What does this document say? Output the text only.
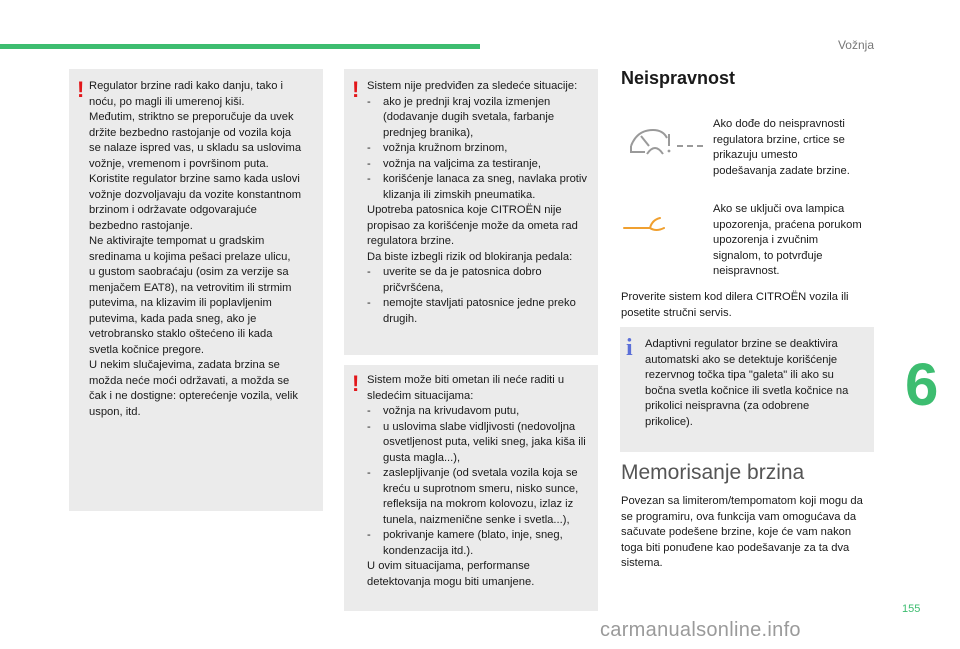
Vožnja
6
155
carmanualsonline.info
! Regulator brzine radi kako danju, tako i

noću, po magli ili umerenoj kiši.

Međutim, striktno se preporučuje da uvek

držite bezbedno rastojanje od vozila koja

se nalaze ispred vas, u skladu sa uslovima

vožnje, vremenom i površinom puta.

Koristite regulator brzine samo kada uslovi

vožnje dozvoljavaju da vozite konstantnom

brzinom i održavate odgovarajuće

bezbedno rastojanje.

Ne aktivirajte tempomat u gradskim

sredinama u kojima pešaci prelaze ulicu,

u gustom saobraćaju (osim za verzije sa

menjačem EAT8), na vetrovitim ili strmim

putevima, na klizavim ili poplavljenim

putevima, kada pada sneg, ako je

vetrobransko staklo oštećeno ili kada

svetla kočnice pregore.

U nekim slučajevima, zadata brzina se

možda neće moći održavati, a možda se

čak i ne dostigne: opterećenje vozila, velik

uspon, itd.

! Sistem nije predviđen za sledeće situacije:

-	ako je prednji kraj vozila izmenjen (dodavanje dugih svetala, farbanje prednjeg branika),
-	vožnja kružnom brzinom,
-	vožnja na valjcima za testiranje,
-	korišćenje lanaca za sneg, navlaka protiv klizanja ili zimskih pneumatika.

Upotreba patosnica koje CITROËN nije propisao za korišćenje može da ometa rad regulatora brzine.

Da biste izbegli rizik od blokiranja pedala:

-	uverite se da je patosnica dobro pričvršćena,
-	nemojte stavljati patosnice jedne preko drugih.
! Sistem može biti ometan ili neće raditi u sledećim situacijama:

-	vožnja na krivudavom putu,
-	u uslovima slabe vidljivosti (nedovoljna osvetljenost puta, veliki sneg, jaka kiša ili gusta magla...),
-	zaslepljivanje (od svetala vozila koja se kreću u suprotnom smeru, nisko sunce, refleksija na mokrom kolovozu, izlaz iz tunela, naizmenične senke i svetla...),
-	pokrivanje kamere (blato, inje, sneg, kondenzacija itd.).

U ovim situacijama, performanse detektovanja mogu biti umanjene.

Neispravnost
Ako dođe do neispravnosti regulatora brzine, crtice se prikazuju umesto podešavanja zadate brzine.
Ako se uključi ova lampica upozorenja, praćena porukom upozorenja i zvučnim signalom, to potvrđuje neispravnost.
Proverite sistem kod dilera CITROËN vozila ili posetite stručni servis.
i Adaptivni regulator brzine se deaktivira automatski ako se detektuje korišćenje rezervnog točka tipa "galeta" ili ako su bočna svetla kočnice ili svetla kočnice na prikolici neispravna (za odobrene prikolice).
Memorisanje brzina
Povezan sa limiterom/tempomatom koji mogu da se programiru, ova funkcija vam omogućava da sačuvate podešene brzine, koje će vam nakon toga biti ponuđene kao podešavanje za ta dva sistema.
